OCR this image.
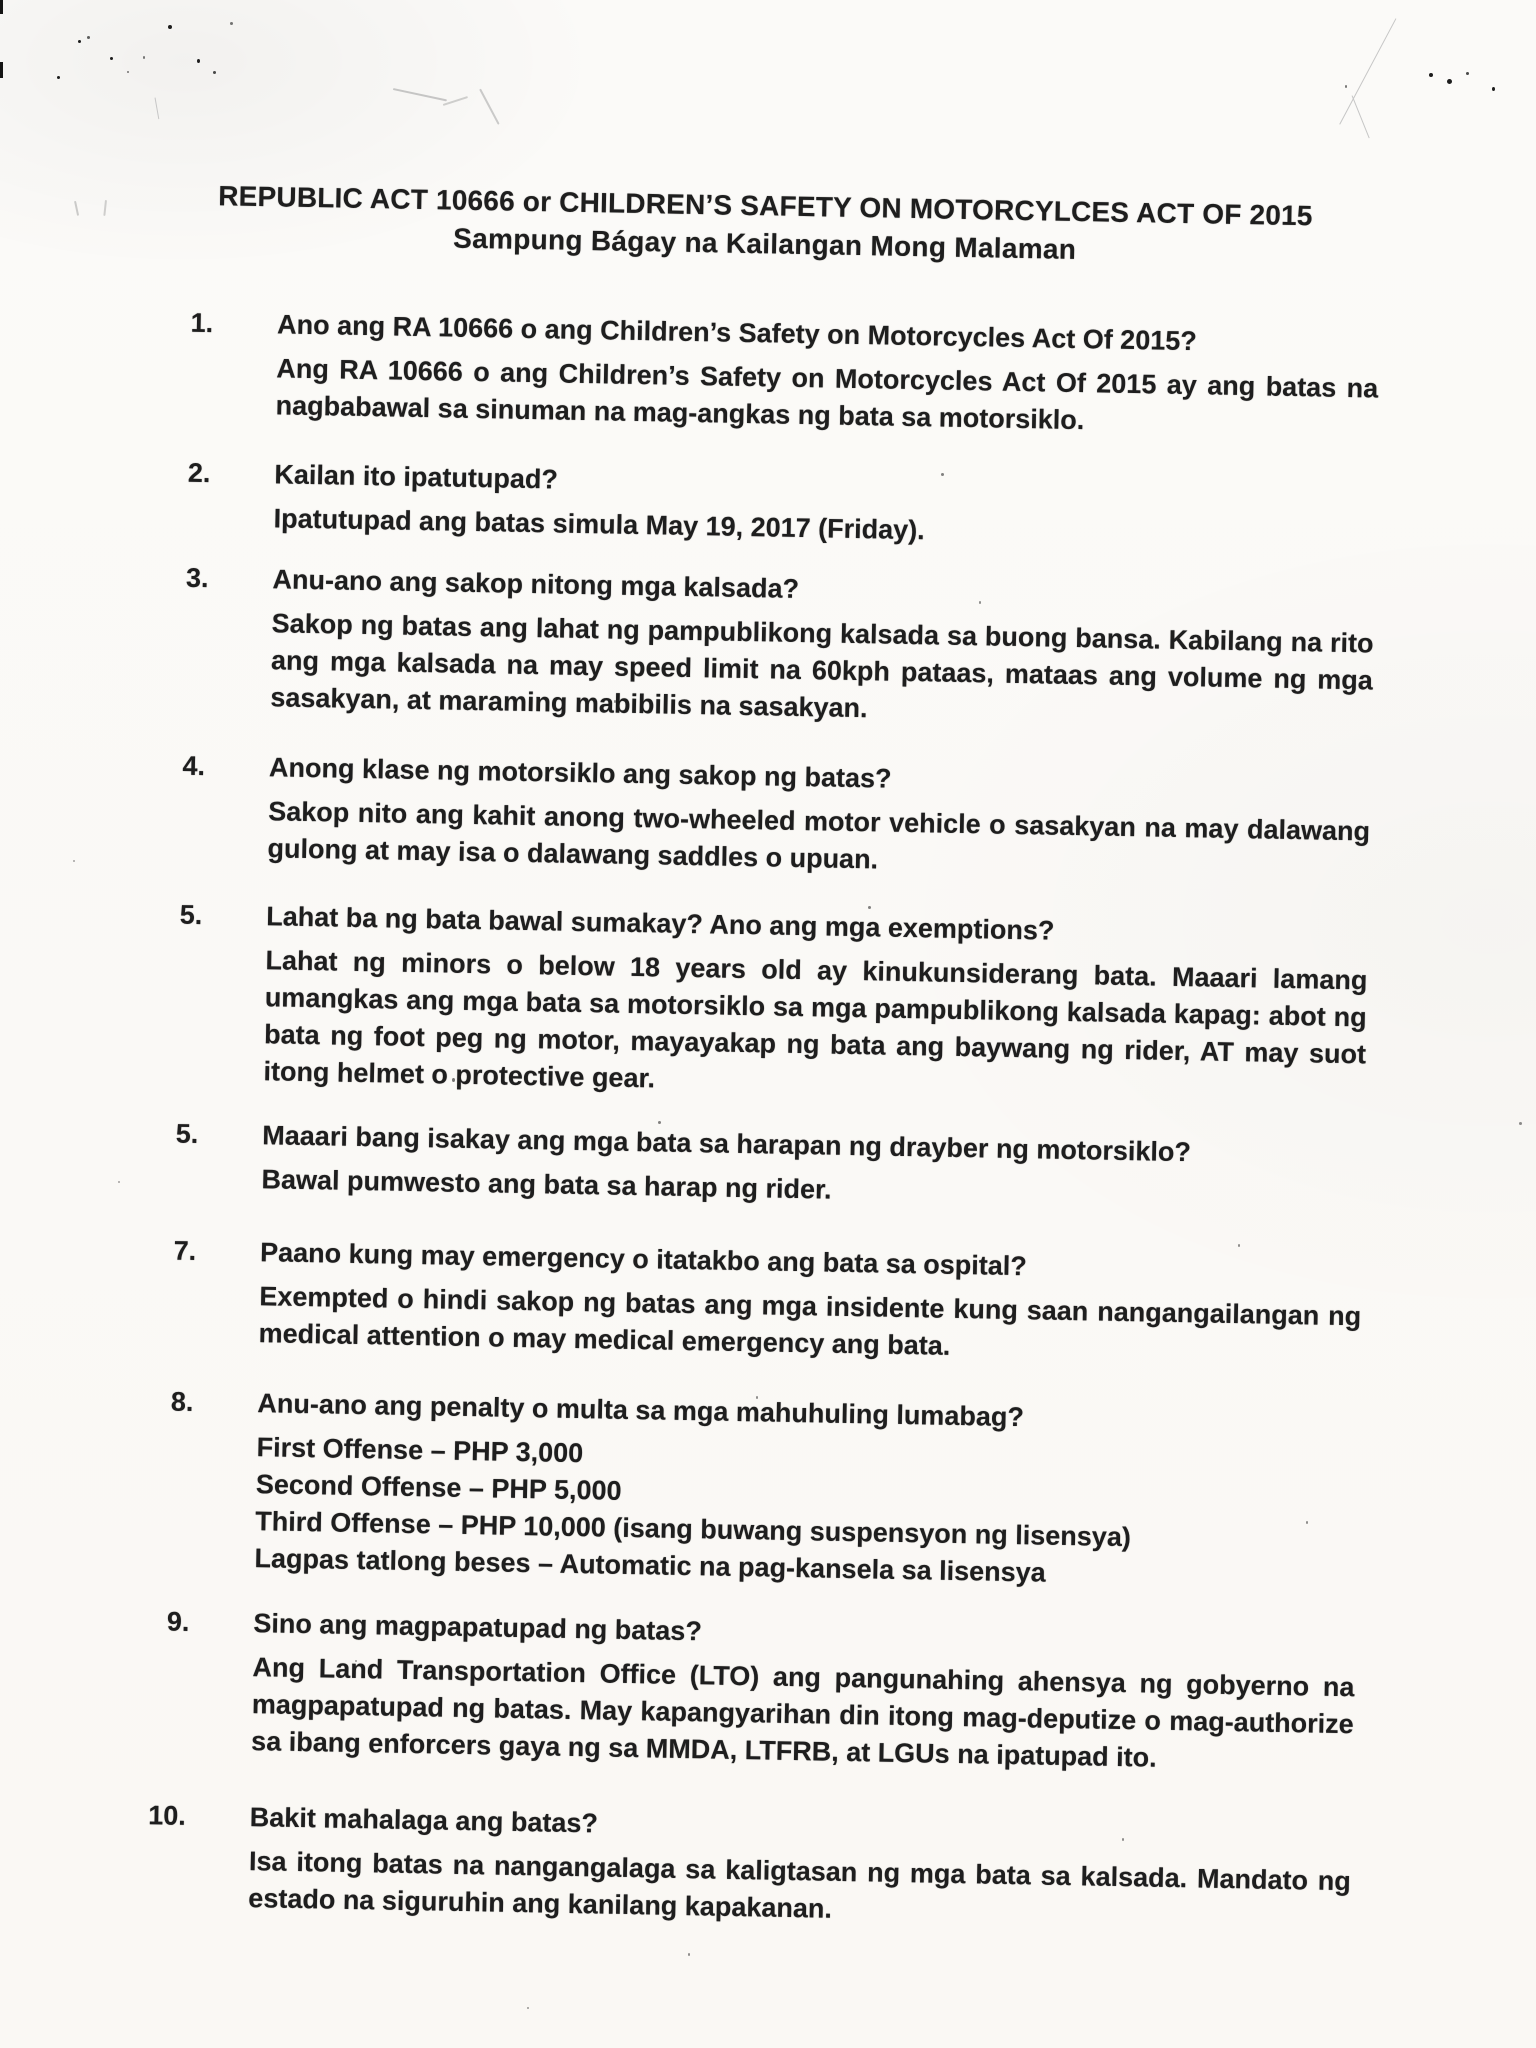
REPUBLIC ACT 10666 or CHILDREN’S SAFETY ON MOTORCYLCES ACT OF 2015
Sampung Bágay na Kailangan Mong Malaman
1.	Ano ang RA 10666 o ang Children’s Safety on Motorcycles Act Of 2015?

Ang RA 10666 o ang Children’s Safety on Motorcycles Act Of 2015 ay ang batas na nagbabawal sa sinuman na mag-angkas ng bata sa motorsiklo.

2.	Kailan ito ipatutupad?

Ipatutupad ang batas simula May 19, 2017 (Friday).

3.	Anu-ano ang sakop nitong mga kalsada?

Sakop ng batas ang lahat ng pampublikong kalsada sa buong bansa. Kabilang na rito ang mga kalsada na may speed limit na 60kph pataas, mataas ang volume ng mga sasakyan, at maraming mabibilis na sasakyan.

4.	Anong klase ng motorsiklo ang sakop ng batas?

Sakop nito ang kahit anong two-wheeled motor vehicle o sasakyan na may dalawang gulong at may isa o dalawang saddles o upuan.

5.	Lahat ba ng bata bawal sumakay? Ano ang mga exemptions?

Lahat ng minors o below 18 years old ay kinukunsiderang bata. Maaari lamang umangkas ang mga bata sa motorsiklo sa mga pampublikong kalsada kapag: abot ng bata ng foot peg ng motor, mayayakap ng bata ang baywang ng rider, AT may suot itong helmet o protective gear.

5.	Maaari bang isakay ang mga bata sa harapan ng drayber ng motorsiklo?

Bawal pumwesto ang bata sa harap ng rider.

7.	Paano kung may emergency o itatakbo ang bata sa ospital?

Exempted o hindi sakop ng batas ang mga insidente kung saan nangangailangan ng medical attention o may medical emergency ang bata.

8.	Anu-ano ang penalty o multa sa mga mahuhuling lumabag?

First Offense – PHP 3,000

Second Offense – PHP 5,000

Third Offense – PHP 10,000 (isang buwang suspensyon ng lisensya)

Lagpas tatlong beses – Automatic na pag-kansela sa lisensya

9.	Sino ang magpapatupad ng batas?

Ang Land Transportation Office (LTO) ang pangunahing ahensya ng gobyerno na magpapatupad ng batas. May kapangyarihan din itong mag-deputize o mag-authorize sa ibang enforcers gaya ng sa MMDA, LTFRB, at LGUs na ipatupad ito.

10.	Bakit mahalaga ang batas?

Isa itong batas na nangangalaga sa kaligtasan ng mga bata sa kalsada. Mandato ng estado na siguruhin ang kanilang kapakanan.
